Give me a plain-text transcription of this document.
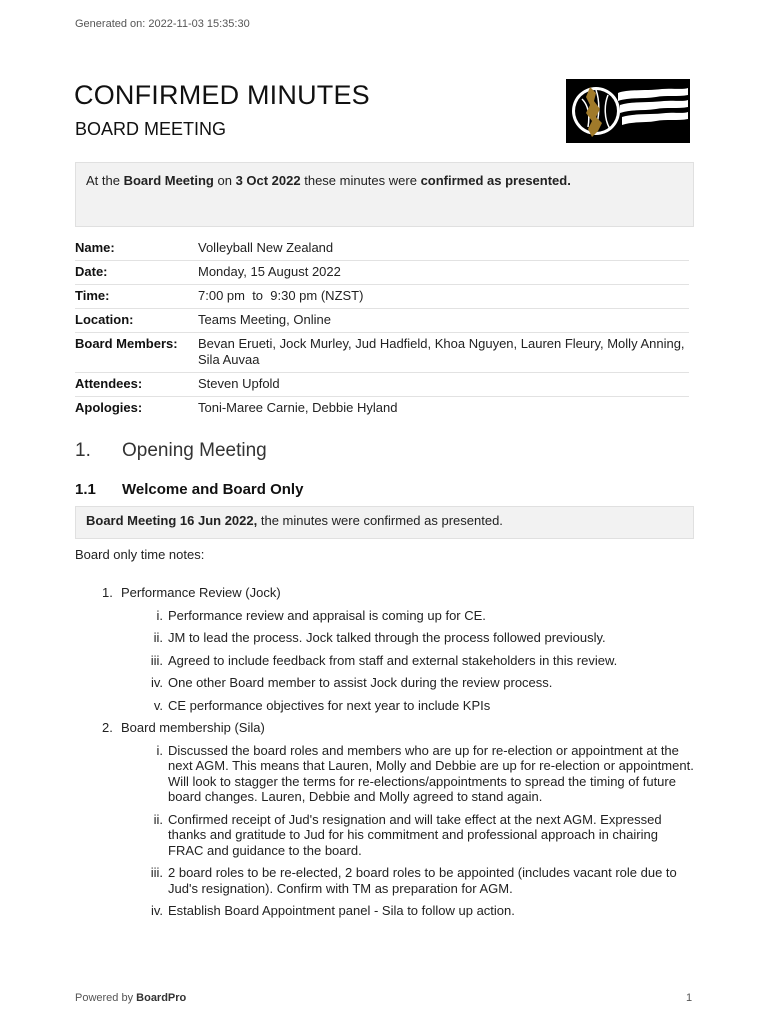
Generated on: 2022-11-03 15:35:30
CONFIRMED MINUTES
BOARD MEETING
At the Board Meeting on 3 Oct 2022 these minutes were confirmed as presented.
Name:	Volleyball New Zealand
Date:	Monday, 15 August 2022
Time:	7:00 pm  to  9:30 pm (NZST)
Location:	Teams Meeting, Online
Board Members:	Bevan Erueti, Jock Murley, Jud Hadfield, Khoa Nguyen, Lauren Fleury, Molly Anning, Sila Auvaa
Attendees:	Steven Upfold
Apologies:	Toni-Maree Carnie, Debbie Hyland
1. Opening Meeting
1.1 Welcome and Board Only
Board Meeting 16 Jun 2022, the minutes were confirmed as presented.
Board only time notes:
1. Performance Review (Jock)
i. Performance review and appraisal is coming up for CE.
ii. JM to lead the process. Jock talked through the process followed previously.
iii. Agreed to include feedback from staff and external stakeholders in this review.
iv. One other Board member to assist Jock during the review process.
v. CE performance objectives for next year to include KPIs
2. Board membership (Sila)
i. Discussed the board roles and members who are up for re-election or appointment at the next AGM. This means that Lauren, Molly and Debbie are up for re-election or appointment. Will look to stagger the terms for re-elections/appointments to spread the timing of future board changes. Lauren, Debbie and Molly agreed to stand again.
ii. Confirmed receipt of Jud's resignation and will take effect at the next AGM. Expressed thanks and gratitude to Jud for his commitment and professional approach in chairing FRAC and guidance to the board.
iii. 2 board roles to be re-elected, 2 board roles to be appointed (includes vacant role due to Jud's resignation). Confirm with TM as preparation for AGM.
iv. Establish Board Appointment panel - Sila to follow up action.
Powered by BoardPro	1
